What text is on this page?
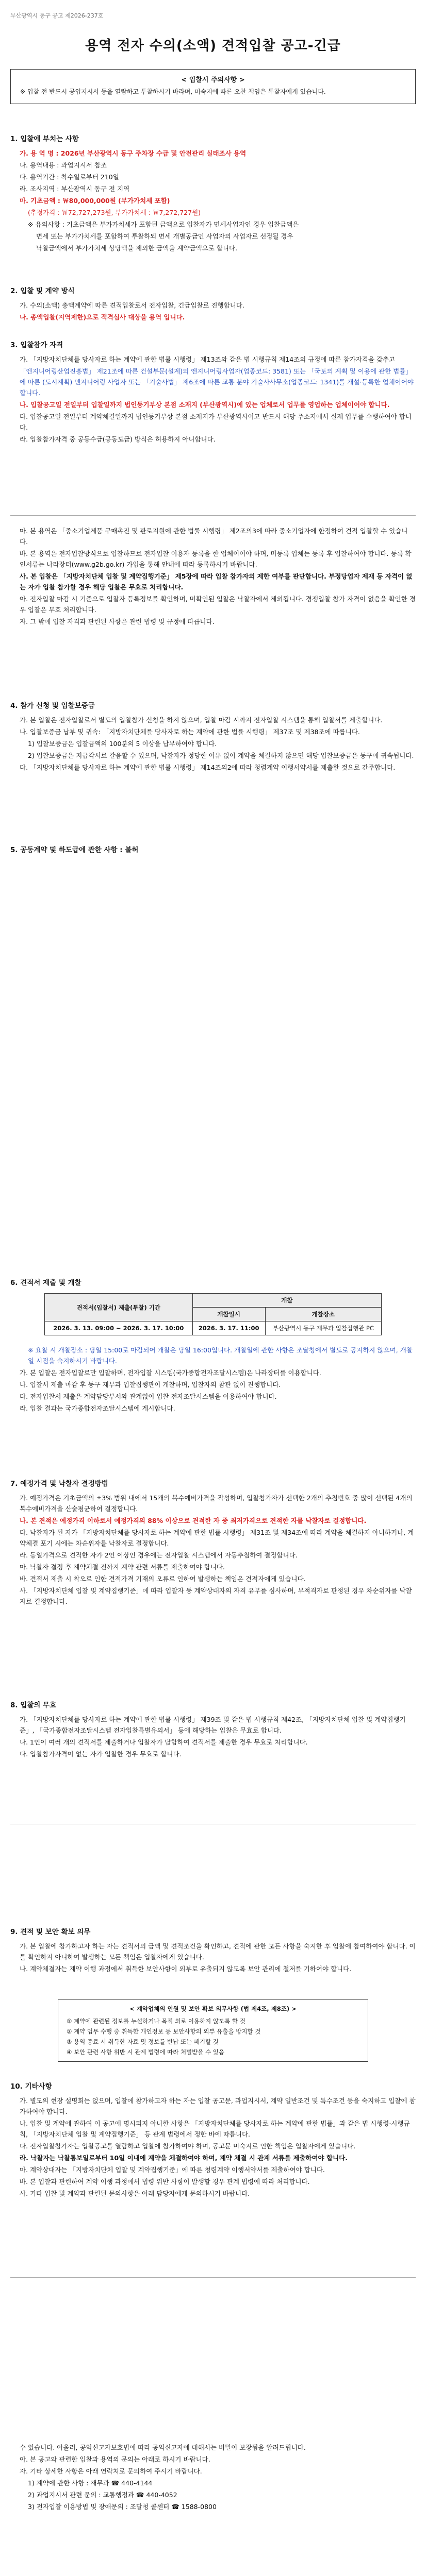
부산광역시 동구 공고 제2026-237호
용역 전자 수의(소액) 견적입찰 공고-긴급
< 입찰시 주의사항 >
※ 입찰 전 반드시 공입지시서 등을 열람하고 투찰하시기 바라며, 미숙지에 따른 오찬 책임은 투찰자에게 있습니다.
1. 입찰에 부치는 사항

가. 용 역 명 : 2026년 부산광역시 동구 주차장 수급 및 안전관리 실태조사 용역

나. 용역내용 : 과업지시서 참조

다. 용역기간 : 착수일로부터 210일

라. 조사지역 : 부산광역시 동구 전 지역

마. 기초금액 : ￦80,000,000원 (부가가치세 포함)

(추정가격 : ￦72,727,273원, 부가가치세 : ￦7,272,727원)

※ 유의사항 : 기초금액은 부가가치세가 포함된 금액으로 입찰자가 면세사업자인 경우 입찰금액은

면세 또는 부가가치세를 포함하여 투찰하되 면세 개별공급인 사업자의 사업자로 선정될 경우

낙찰금액에서 부가가치세 상당액을 제외한 금액을 계약금액으로 합니다.

2. 입찰 및 계약 방식

가. 수의(소액) 총액계약에 따른 견적입찰로서 전자입찰, 긴급입찰로 진행합니다.

나. 총액입찰(지역제한)으로 적격심사 대상을 용역 입니다.

3. 입찰참가 자격

가. 「지방자치단체를 당사자로 하는 계약에 관한 법률 시행령」 제13조와 같은 법 시행규칙 제14조의 규정에 따른 참가자격을 갖추고

「엔지니어링산업진흥법」 제21조에 따른 건설부문(설계)의 엔지니어링사업자(업종코드: 3581) 또는 「국토의 계획 및 이용에 관한 법률」에 따른 (도시계획) 엔지니어링 사업자 또는 「기술사법」 제6조에 따른 교통 분야 기술사사무소(업종코드: 1341)를 개설·등록한 업체이어야 합니다.

나. 입찰공고일 전일부터 입찰일까지 법인등기부상 본점 소재지 (부산광역시)에 있는 업체로서 업무를 영업하는 업체이어야 합니다.

다. 입찰공고일 전일부터 계약체결일까지 법인등기부상 본점 소재지가 부산광역시이고 반드시 해당 주소지에서 실제 업무를 수행하여야 합니다.

라. 입찰참가자격 중 공동수급(공동도급) 방식은 허용하지 아니합니다.

마. 본 용역은 「중소기업제품 구매촉진 및 판로지원에 관한 법률 시행령」 제2조의3에 따라 중소기업자에 한정하여 견적 입찰할 수 있습니다.

바. 본 용역은 전자입찰방식으로 입찰하므로 전자입찰 이용자 등록을 한 업체이어야 하며, 미등록 업체는 등록 후 입찰하여야 합니다. 등록 확인서류는 나라장터(www.g2b.go.kr) 가입을 통해 안내에 따라 등록하시기 바랍니다.

사. 본 입찰은 「지방자치단체 입찰 및 계약집행기준」 제5장에 따라 입찰 참가자의 제한 여부를 판단합니다. 부정당업자 제재 등 자격이 없는 자가 입찰 참가할 경우 해당 입찰은 무효로 처리합니다.

아. 전자입찰 마감 시 기준으로 입찰자 등록정보를 확인하며, 미확인된 입찰은 낙찰자에서 제외됩니다. 경쟁입찰 참가 자격이 없음을 확인한 경우 입찰은 무효 처리합니다.

자. 그 밖에 입찰 자격과 관련된 사항은 관련 법령 및 규정에 따릅니다.

4. 참가 신청 및 입찰보증금

가. 본 입찰은 전자입찰로서 별도의 입찰참가 신청을 하지 않으며, 입찰 마감 시까지 전자입찰 시스템을 통해 입찰서를 제출합니다.

나. 입찰보증금 납부 및 귀속: 「지방자치단체를 당사자로 하는 계약에 관한 법률 시행령」 제37조 및 제38조에 따릅니다.

1) 입찰보증금은 입찰금액의 100분의 5 이상을 납부하여야 합니다.

2) 입찰보증금은 지급각서로 갈음할 수 있으며, 낙찰자가 정당한 이유 없이 계약을 체결하지 않으면 해당 입찰보증금은 동구에 귀속됩니다.

다. 「지방자치단체를 당사자로 하는 계약에 관한 법률 시행령」 제14조의2에 따라 청렴계약 이행서약서를 제출한 것으로 간주합니다.

5. 공동계약 및 하도급에 관한 사항 : 불허
6. 견적서 제출 및 개찰
견적서(입찰서) 제출(투찰) 기간	개찰	
	개찰일시	개찰장소
2026. 3. 13. 09:00 ~ 2026. 3. 17. 10:00	2026. 3. 17. 11:00	부산광역시 동구 재무과 입찰집행관 PC

※ 요찰 시 개찰장소 : 당일 15:00로 마감되어 개찰은 당일 16:00입니다. 개찰일에 관한 사항은 조달청에서 별도로 공지하지 않으며, 개찰일 시점을 숙지하시기 바랍니다.

가. 본 입찰은 전자입찰로만 입찰하며, 전자입찰 시스템(국가종합전자조달시스템)은 나라장터를 이용합니다.

나. 입찰서 제출 마감 후 동구 재무과 입찰집행관이 개찰하며, 입찰자의 참관 없이 진행합니다.

다. 전자입찰서 제출은 계약담당부서와 관계없이 입찰 전자조달시스템을 이용하여야 합니다.

라. 입찰 결과는 국가종합전자조달시스템에 게시합니다.

7. 예정가격 및 낙찰자 결정방법

가. 예정가격은 기초금액의 ±3% 범위 내에서 15개의 복수예비가격을 작성하며, 입찰참가자가 선택한 2개의 추첨번호 중 많이 선택된 4개의 복수예비가격을 산술평균하여 결정합니다.

나. 본 견적은 예정가격 이하로서 예정가격의 88% 이상으로 견적한 자 중 최저가격으로 견적한 자를 낙찰자로 결정합니다.

다. 낙찰자가 된 자가 「지방자치단체를 당사자로 하는 계약에 관한 법률 시행령」 제31조 및 제34조에 따라 계약을 체결하지 아니하거나, 계약체결 포기 시에는 차순위자를 낙찰자로 결정합니다.

라. 동일가격으로 견적한 자가 2인 이상인 경우에는 전자입찰 시스템에서 자동추첨하여 결정합니다.

마. 낙찰자 결정 후 계약체결 전까지 계약 관련 서류를 제출하여야 합니다.

바. 견적서 제출 시 착오로 인한 견적가격 기재의 오류로 인하여 발생하는 책임은 견적자에게 있습니다.

사. 「지방자치단체 입찰 및 계약집행기준」에 따라 입찰자 등 계약상대자의 자격 유무를 심사하며, 부적격자로 판정된 경우 차순위자를 낙찰자로 결정합니다.

8. 입찰의 무효

가. 「지방자치단체를 당사자로 하는 계약에 관한 법률 시행령」 제39조 및 같은 법 시행규칙 제42조, 「지방자치단체 입찰 및 계약집행기준」, 「국가종합전자조달시스템 전자입찰특별유의서」 등에 해당하는 입찰은 무효로 합니다.

나. 1인이 여러 개의 견적서를 제출하거나 입찰자가 담합하여 견적서를 제출한 경우 무효로 처리합니다.

다. 입찰참가자격이 없는 자가 입찰한 경우 무효로 합니다.

9. 견적 및 보안 확보 의무

가. 본 입찰에 참가하고자 하는 자는 견적서의 금액 및 견적조건을 확인하고, 견적에 관한 모든 사항을 숙지한 후 입찰에 참여하여야 합니다. 이를 확인하지 아니하여 발생하는 모든 책임은 입찰자에게 있습니다.

나. 계약체결자는 계약 이행 과정에서 취득한 보안사항이 외부로 유출되지 않도록 보안 관리에 철저를 기하여야 합니다.

< 계약업체의 인원 및 보안 확보 의무사항 (법 제4조, 제8조) >
① 계약에 관련된 정보를 누설하거나 목적 외로 이용하지 않도록 할 것
② 계약 업무 수행 중 취득한 개인정보 등 보안사항의 외부 유출을 방지할 것
③ 용역 종료 시 취득한 자료 및 정보를 반납 또는 폐기할 것
④ 보안 관련 사항 위반 시 관계 법령에 따라 처벌받을 수 있음
10. 기타사항

가. 별도의 현장 설명회는 없으며, 입찰에 참가하고자 하는 자는 입찰 공고문, 과업지시서, 계약 일반조건 및 특수조건 등을 숙지하고 입찰에 참가하여야 합니다.

나. 입찰 및 계약에 관하여 이 공고에 명시되지 아니한 사항은 「지방자치단체를 당사자로 하는 계약에 관한 법률」과 같은 법 시행령·시행규칙, 「지방자치단체 입찰 및 계약집행기준」 등 관계 법령에서 정한 바에 따릅니다.

다. 전자입찰참가자는 입찰공고를 열람하고 입찰에 참가하여야 하며, 공고문 미숙지로 인한 책임은 입찰자에게 있습니다.

라. 낙찰자는 낙찰통보일로부터 10일 이내에 계약을 체결하여야 하며, 계약 체결 시 관계 서류를 제출하여야 합니다.

마. 계약상대자는 「지방자치단체 입찰 및 계약집행기준」에 따른 청렴계약 이행서약서를 제출하여야 합니다.

바. 본 입찰과 관련하여 계약 이행 과정에서 법령 위반 사항이 발생할 경우 관계 법령에 따라 처리합니다.

사. 기타 입찰 및 계약과 관련된 문의사항은 아래 담당자에게 문의하시기 바랍니다.

수 있습니다. 아울러, 공익신고자보호법에 따라 공익신고자에 대해서는 비밀이 보장됨을 알려드립니다.

아. 본 공고와 관련한 입찰과 용역의 문의는 아래로 하시기 바랍니다.

자. 기타 상세한 사항은 아래 연락처로 문의하여 주시기 바랍니다.

1) 계약에 관한 사항 : 재무과 ☎ 440-4144

2) 과업지시서 관련 문의 : 교통행정과 ☎ 440-4052

3) 전자입찰 이용방법 및 장애문의 : 조달청 콜센터 ☎ 1588-0800
